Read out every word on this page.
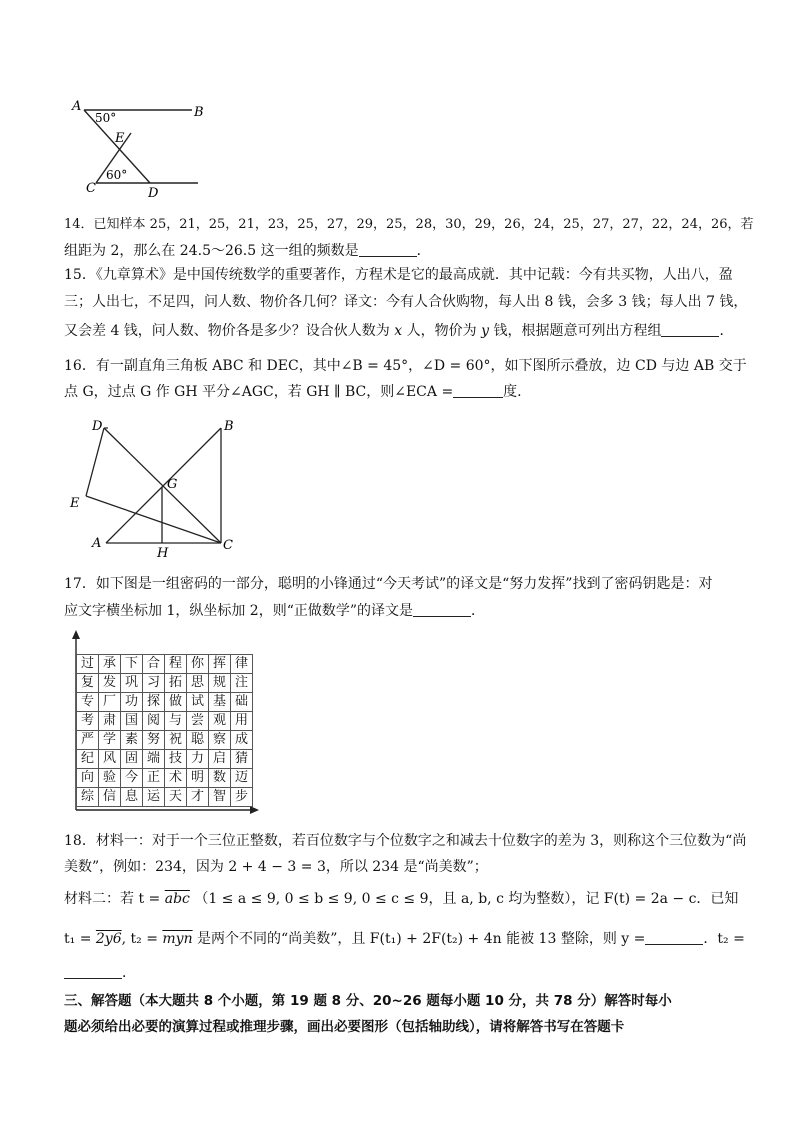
A	B
E
C	D
50°
60°
14．已知样本 25，21，25，21，23，25，27，29，25，28，30，29，26，24，25，27，27，22，24，26，若
组距为 2，那么在 24.5～26.5 这一组的频数是	．
15．《九章算术》是中国传统数学的重要著作，方程术是它的最高成就．其中记载：今有共买物，人出八，盈
三；人出七，不足四，问人数、物价各几何？译文：今有人合伙购物，每人出 8 钱，会多 3 钱；每人出 7 钱，
又会差 4 钱，问人数、物价各是多少？设合伙人数为 x 人，物价为 y 钱，根据题意可列出方程组	．
16．有一副直角三角板 ABC 和 DEC，其中∠B = 45°，∠D = 60°，如下图所示叠放，边 CD 与边 AB 交于
点 G，过点 G 作 GH 平分∠AGC，若 GH ∥ BC，则∠ECA =	度.
D	B
G
E
A
H
C
17．如下图是一组密码的一部分，聪明的小锋通过“今天考试”的译文是“努力发挥”找到了密码钥匙是：对
应文字横坐标加 1，纵坐标加 2，则“正做数学”的译文是	．
过	承	下	合	程	你	挥	律
复	发	巩	习	拓	思	规	注
专	厂	功	探	做	试	基	础
考	肃	国	阅	与	尝	观	用
严	学	素	努	祝	聪	察	成
纪	风	固	端	技	力	启	猜
向	验	今	正	术	明	数	迈
综	信	息	运	天	才	智	步
18．材料一：对于一个三位正整数，若百位数字与个位数字之和减去十位数字的差为 3，则称这个三位数为“尚
美数”，例如：234，因为 2 + 4 − 3 = 3，所以 234 是“尚美数”；
材料二：若 $t = \overline{abc}$ （1 ≤ a ≤ 9, 0 ≤ b ≤ 9, 0 ≤ c ≤ 9，且 a, b, c 均为整数），记 F(t) = 2a − c．已知
t₁ = 2y6, $t_2 = \overline{myn}$ 是两个不同的“尚美数”，且 F(t₁) + 2F(t₂) + 4n 能被 13 整除，则 y =	．t₂ =
．
三、解答题（本大题共 8 个小题，第 19 题 8 分、20~26 题每小题 10 分，共 78 分）解答时每小
题必须给出必要的演算过程或推理步骤，画出必要图形（包括轴助线），请将解答书写在答题卡
